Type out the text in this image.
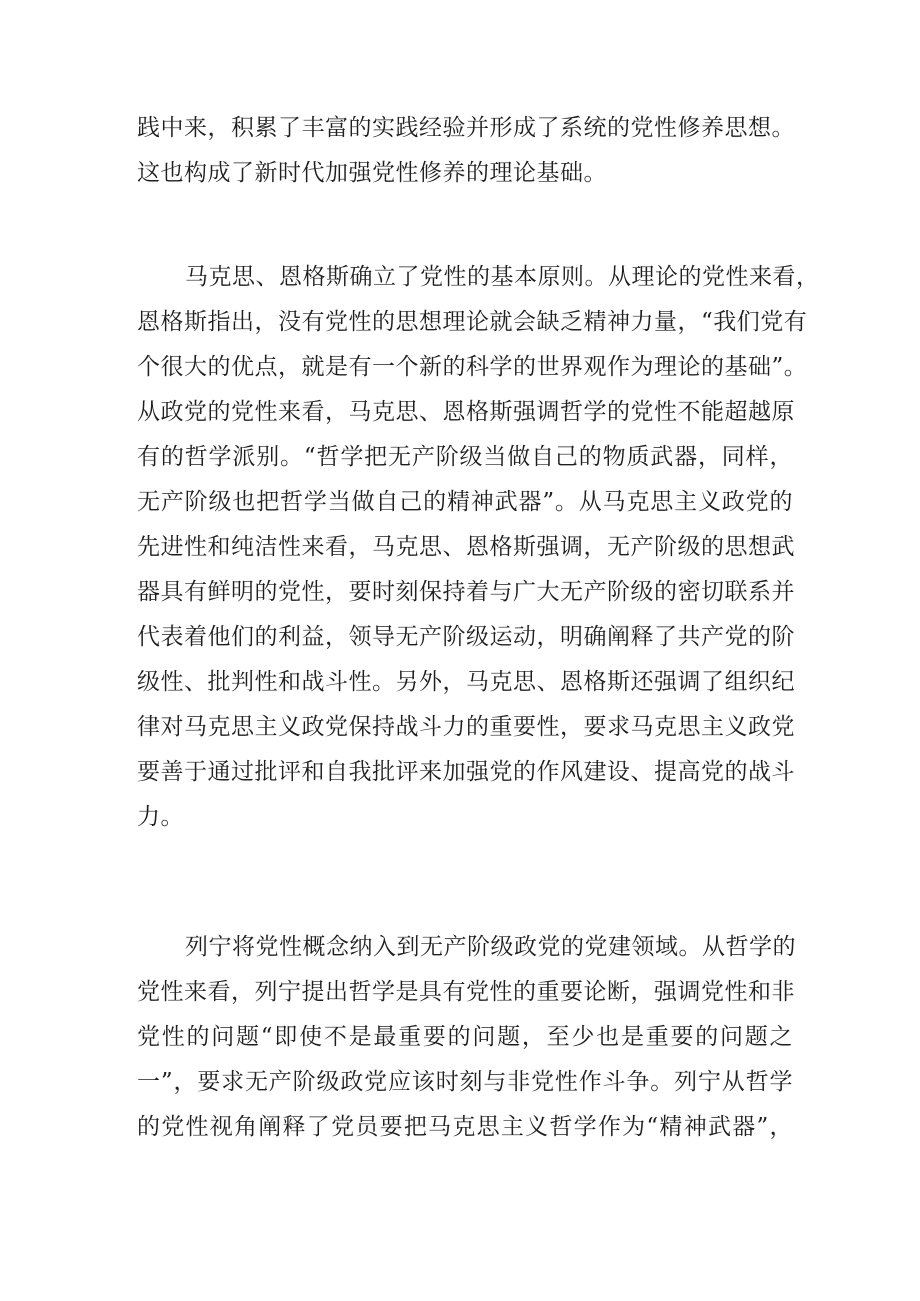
践中来，积累了丰富的实践经验并形成了系统的党性修养思想。
这也构成了新时代加强党性修养的理论基础。
马克思、恩格斯确立了党性的基本原则。从理论的党性来看，
恩格斯指出，没有党性的思想理论就会缺乏精神力量，“我们党有
个很大的优点，就是有一个新的科学的世界观作为理论的基础”。
从政党的党性来看，马克思、恩格斯强调哲学的党性不能超越原
有的哲学派别。“哲学把无产阶级当做自己的物质武器，同样，
无产阶级也把哲学当做自己的精神武器”。从马克思主义政党的
先进性和纯洁性来看，马克思、恩格斯强调，无产阶级的思想武
器具有鲜明的党性，要时刻保持着与广大无产阶级的密切联系并
代表着他们的利益，领导无产阶级运动，明确阐释了共产党的阶
级性、批判性和战斗性。另外，马克思、恩格斯还强调了组织纪
律对马克思主义政党保持战斗力的重要性，要求马克思主义政党
要善于通过批评和自我批评来加强党的作风建设、提高党的战斗
力。
列宁将党性概念纳入到无产阶级政党的党建领域。从哲学的
党性来看，列宁提出哲学是具有党性的重要论断，强调党性和非
党性的问题“即使不是最重要的问题，至少也是重要的问题之
一”，要求无产阶级政党应该时刻与非党性作斗争。列宁从哲学
的党性视角阐释了党员要把马克思主义哲学作为“精神武器”，
